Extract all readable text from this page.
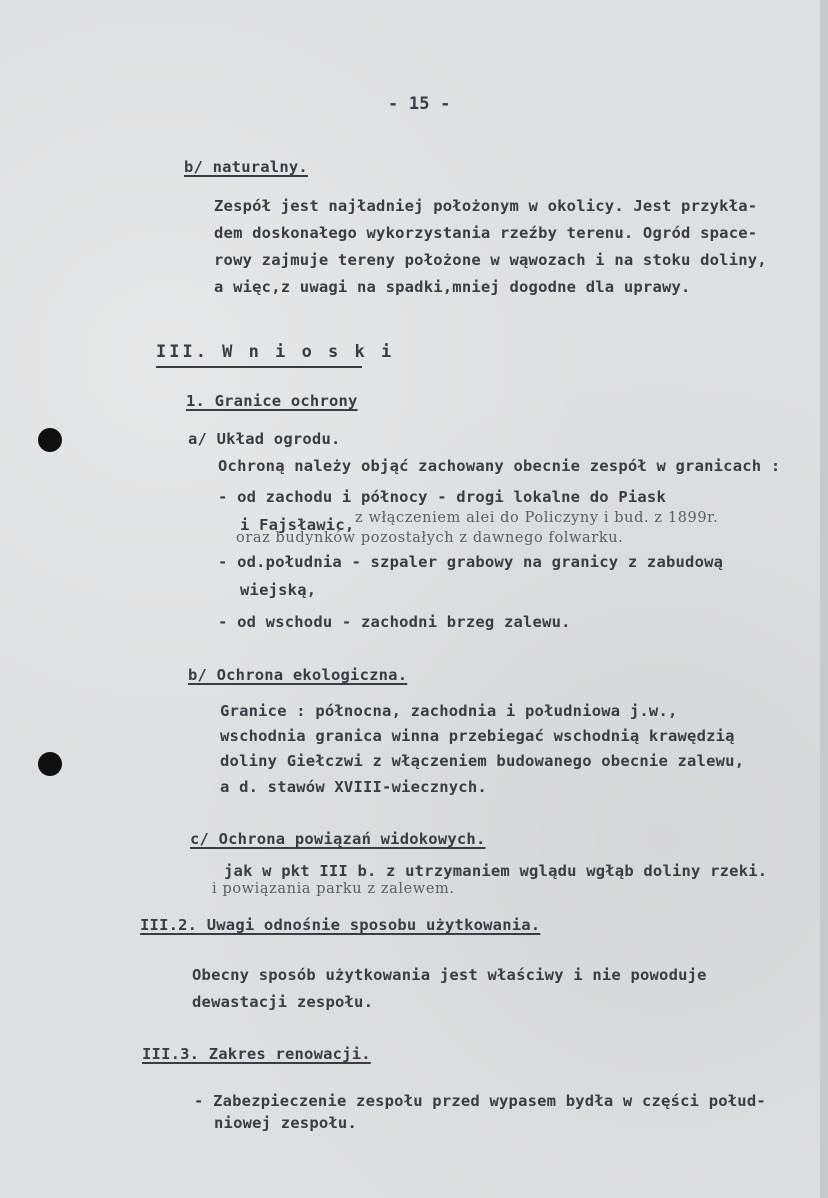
- 15 -
b/ naturalny.
Zespół jest najładniej położonym w okolicy. Jest przykła-
dem doskonałego wykorzystania rzeźby terenu. Ogród space-
rowy zajmuje tereny położone w wąwozach i na stoku doliny,
a więc,z uwagi na spadki,mniej dogodne dla uprawy.
III. W n i o s k i
1. Granice ochrony
a/ Układ ogrodu.
Ochroną należy objąć zachowany obecnie zespół w granicach :
- od zachodu i północy - drogi lokalne do Piask
i Fajsławic, z włączeniem alei do Policzyny i bud. z 1899r.
oraz budynków pozostałych z dawnego folwarku.
- od.południa - szpaler grabowy na granicy z zabudową
wiejską,
- od wschodu - zachodni brzeg zalewu.
b/ Ochrona ekologiczna.
Granice : północna, zachodnia i południowa j.w.,
wschodnia granica winna przebiegać wschodnią krawędzią
doliny Giełczwi z włączeniem budowanego obecnie zalewu,
a d. stawów XVIII-wiecznych.
c/ Ochrona powiązań widokowych.
jak w pkt III b. z utrzymaniem wglądu wgłąb doliny rzeki.
i powiązania parku z zalewem.
III.2. Uwagi odnośnie sposobu użytkowania.
Obecny sposób użytkowania jest właściwy i nie powoduje
dewastacji zespołu.
III.3. Zakres renowacji.
- Zabezpieczenie zespołu przed wypasem bydła w części połud-
niowej zespołu.
